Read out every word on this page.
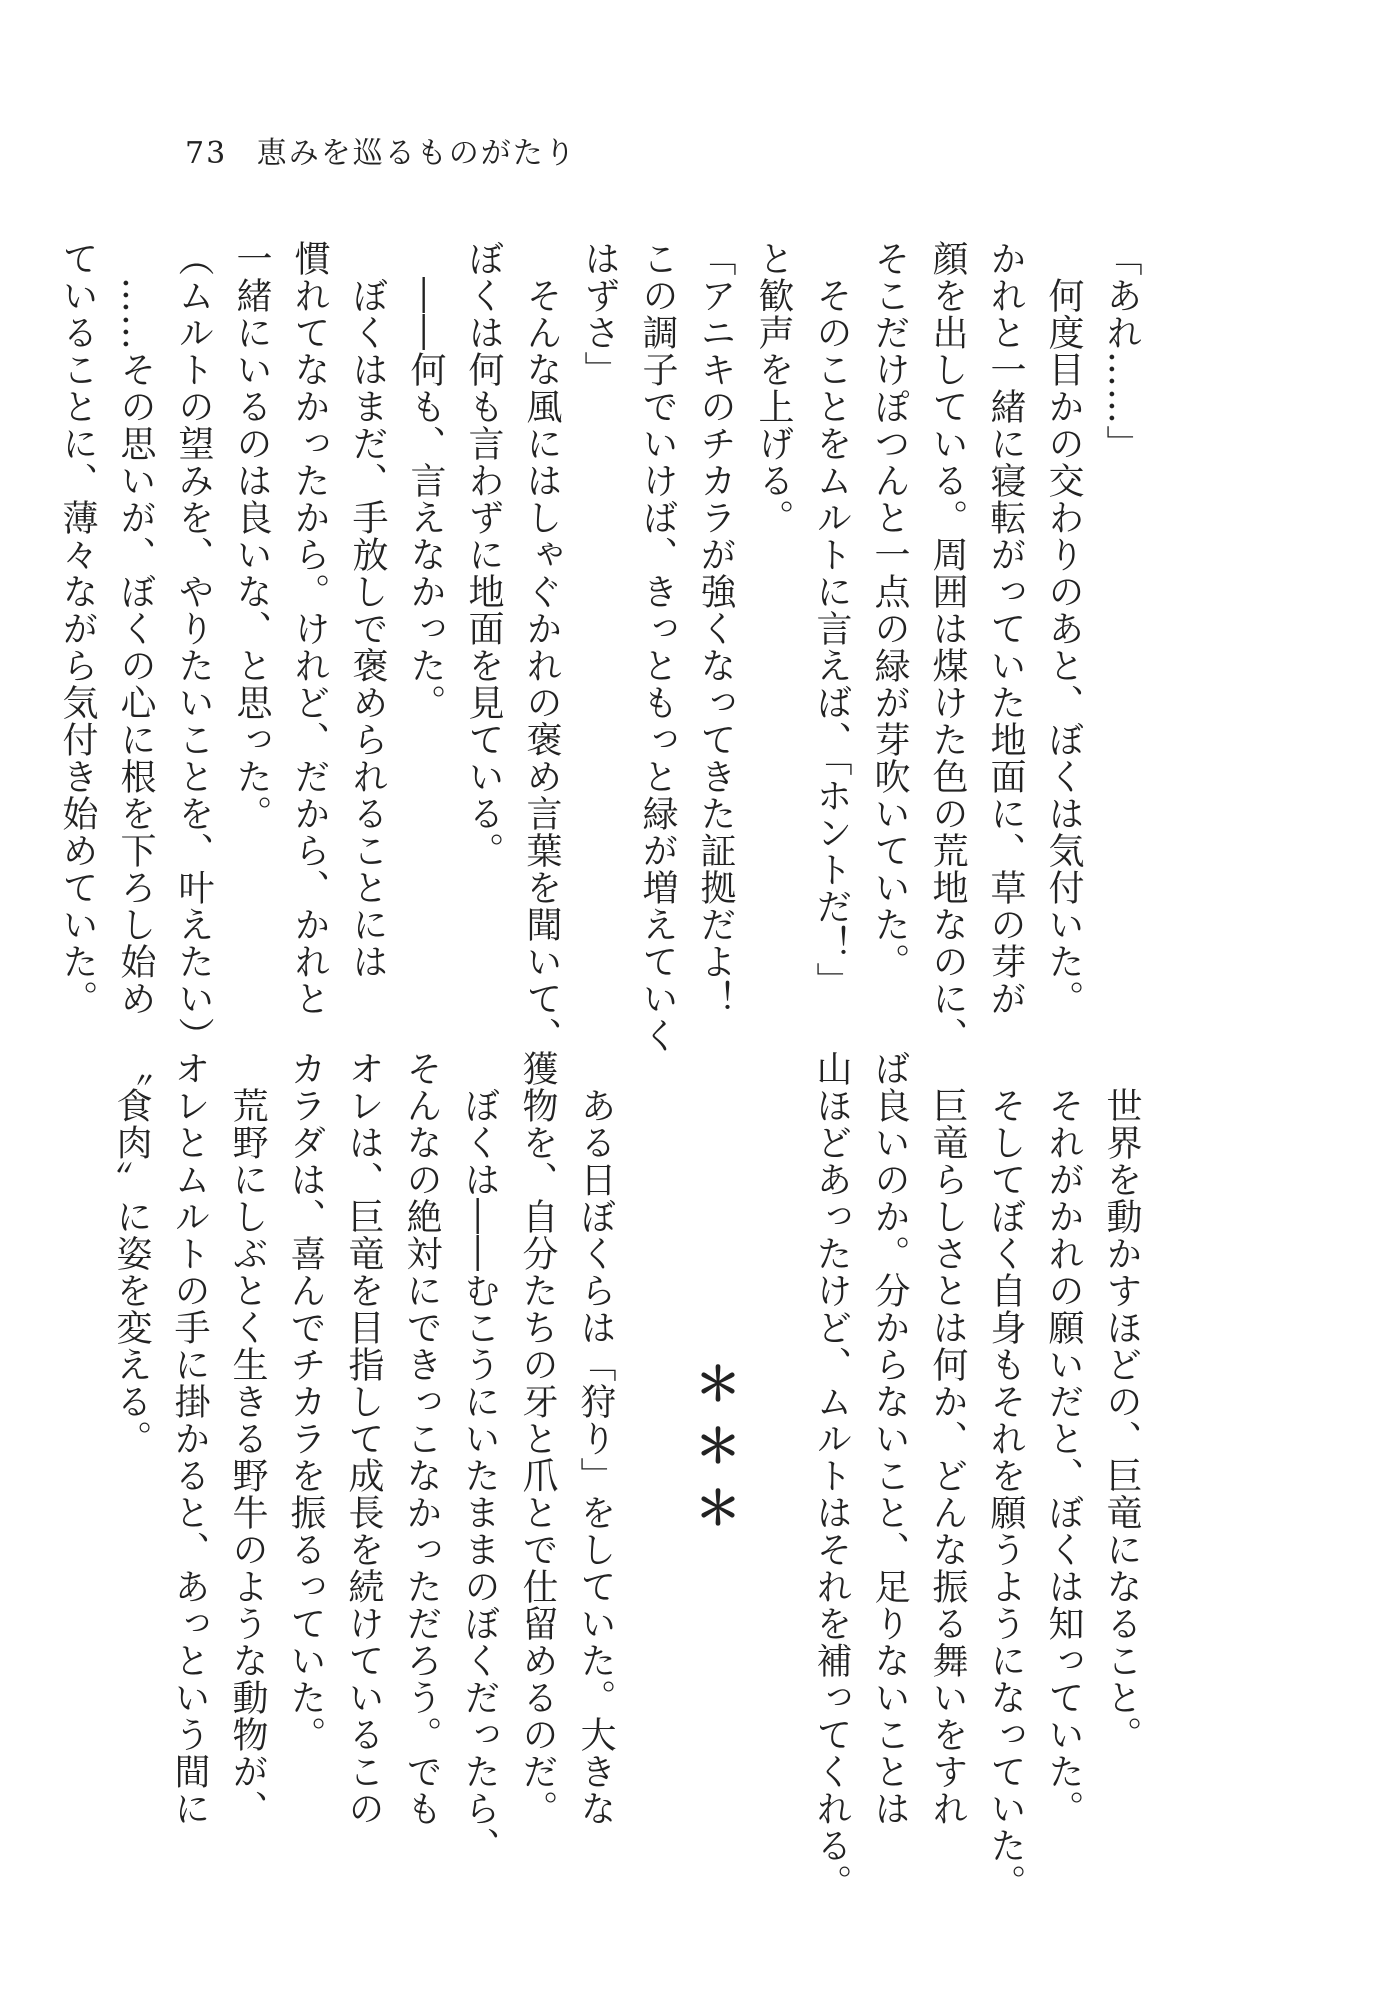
73 恵みを巡るものがたり
「あれ……」
　何度目かの交わりのあと、ぼくは気付いた。
かれと一緒に寝転がっていた地面に、草の芽が
顔を出している。周囲は煤けた色の荒地なのに、
そこだけぽつんと一点の緑が芽吹いていた。
　そのことをムルトに言えば、「ホントだ！」
と歓声を上げる。
「アニキのチカラが強くなってきた証拠だよ！
この調子でいけば、きっともっと緑が増えていく
はずさ」
　そんな風にはしゃぐかれの褒め言葉を聞いて、
ぼくは何も言わずに地面を見ている。
　――何も、言えなかった。
　ぼくはまだ、手放しで褒められることには
慣れてなかったから。けれど、だから、かれと
一緒にいるのは良いな、と思った。
（ムルトの望みを、やりたいことを、叶えたい）
　……その思いが、ぼくの心に根を下ろし始め
ていることに、薄々ながら気付き始めていた。
　世界を動かすほどの、巨竜になること。
　それがかれの願いだと、ぼくは知っていた。
　そしてぼく自身もそれを願うようになっていた。
　巨竜らしさとは何か、どんな振る舞いをすれ
ば良いのか。分からないこと、足りないことは
山ほどあったけど、ムルトはそれを補ってくれる。
＊＊＊
　ある日ぼくらは「狩り」をしていた。大きな
獲物を、自分たちの牙と爪とで仕留めるのだ。
　ぼくは――むこうにいたままのぼくだったら、
そんなの絶対にできっこなかっただろう。でも
オレは、巨竜を目指して成長を続けているこの
カラダは、喜んでチカラを振るっていた。
　荒野にしぶとく生きる野牛のような動物が、
オレとムルトの手に掛かると、あっという間に
〝食肉〟に姿を変える。
